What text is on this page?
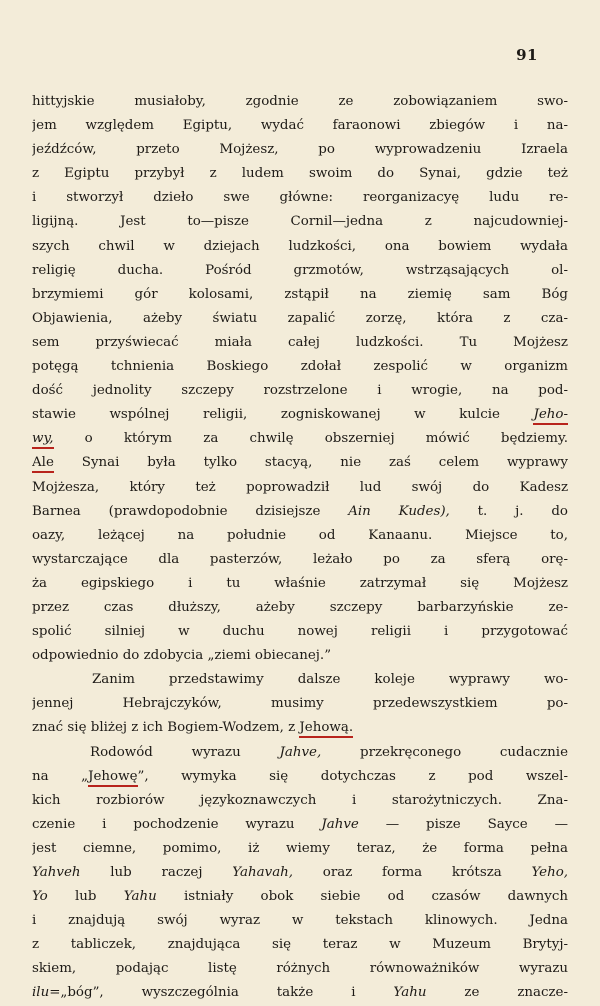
91
hittyjskie musiałoby, zgodnie ze zobowiązaniem swo-
jem względem Egiptu, wydać faraonowi zbiegów i na-
jeźdźców, przeto Mojżesz, po wyprowadzeniu Izraela
z Egiptu przybył z ludem swoim do Synai, gdzie też
i stworzył dzieło swe główne: reorganizacyę ludu re-
ligijną. Jest to—pisze Cornil—jedna z najcudowniej-
szych chwil w dziejach ludzkości, ona bowiem wydała
religię ducha. Pośród grzmotów, wstrząsających ol-
brzymiemi gór kolosami, zstąpił na ziemię sam Bóg
Objawienia, ażeby światu zapalić zorzę, która z cza-
sem przyświecać miała całej ludzkości. Tu Mojżesz
potęgą tchnienia Boskiego zdołał zespolić w organizm
dość jednolity szczepy rozstrzelone i wrogie, na pod-
stawie wspólnej religii, zogniskowanej w kulcie Jeho-
wy, o którym za chwilę obszerniej mówić będziemy.
Ale Synai była tylko stacyą, nie zaś celem wyprawy
Mojżesza, który też poprowadził lud swój do Kadesz
Barnea (prawdopodobnie dzisiejsze Ain Kudes), t. j. do
oazy, leżącej na południe od Kanaanu. Miejsce to,
wystarczające dla pasterzów, leżało po za sferą orę-
ża egipskiego i tu właśnie zatrzymał się Mojżesz
przez czas dłuższy, ażeby szczepy barbarzyńskie ze-
spolić silniej w duchu nowej religii i przygotować
odpowiednio do zdobycia „ziemi obiecanej.”
Zanim przedstawimy dalsze koleje wyprawy wo-
jennej Hebrajczyków, musimy przedewszystkiem po-
znać się bliżej z ich Bogiem-Wodzem, z Jehową.
Rodowód wyrazu Jahve, przekręconego cudacznie
na „Jehowę”, wymyka się dotychczas z pod wszel-
kich rozbiorów językoznawczych i starożytniczych. Zna-
czenie i pochodzenie wyrazu Jahve — pisze Sayce —
jest ciemne, pomimo, iż wiemy teraz, że forma pełna
Yahveh lub raczej Yahavah, oraz forma krótsza Yeho,
Yo lub Yahu istniały obok siebie od czasów dawnych
i znajdują swój wyraz w tekstach klinowych. Jedna
z tabliczek, znajdująca się teraz w Muzeum Brytyj-
skiem, podając listę różnych równoważników wyrazu
ilu=„bóg”, wyszczególnia także i Yahu ze znacze-
